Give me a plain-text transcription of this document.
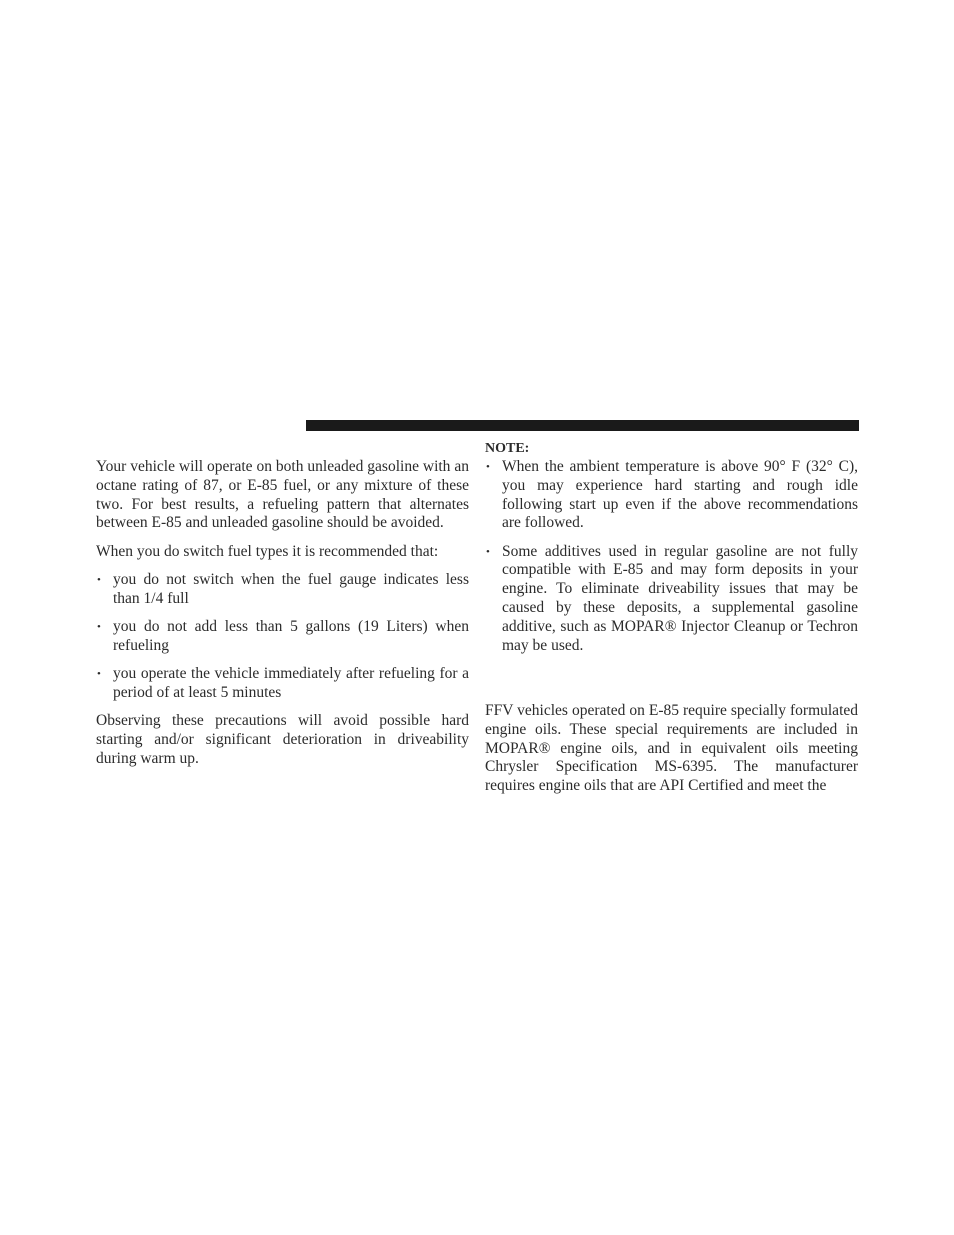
Your vehicle will operate on both unleaded gasoline with an octane rating of 87, or E-85 fuel, or any mixture of these two. For best results, a refueling pattern that alternates between E-85 and unleaded gasoline should be avoided.

When you do switch fuel types it is recommended that:

• you do not switch when the fuel gauge indicates less than 1/4 full
• you do not add less than 5 gallons (19 Liters) when refueling
• you operate the vehicle immediately after refueling for a period of at least 5 minutes

Observing these precautions will avoid possible hard starting and/or significant deterioration in driveability during warm up.

NOTE:
• When the ambient temperature is above 90° F (32° C), you may experience hard starting and rough idle following start up even if the above recommendations are followed.
• Some additives used in regular gasoline are not fully compatible with E-85 and may form deposits in your engine. To eliminate driveability issues that may be caused by these deposits, a supplemental gasoline additive, such as MOPAR® Injector Cleanup or Techron may be used.

FFV vehicles operated on E-85 require specially formulated engine oils. These special requirements are included in MOPAR® engine oils, and in equivalent oils meeting Chrysler Specification MS-6395. The manufacturer requires engine oils that are API Certified and meet the
